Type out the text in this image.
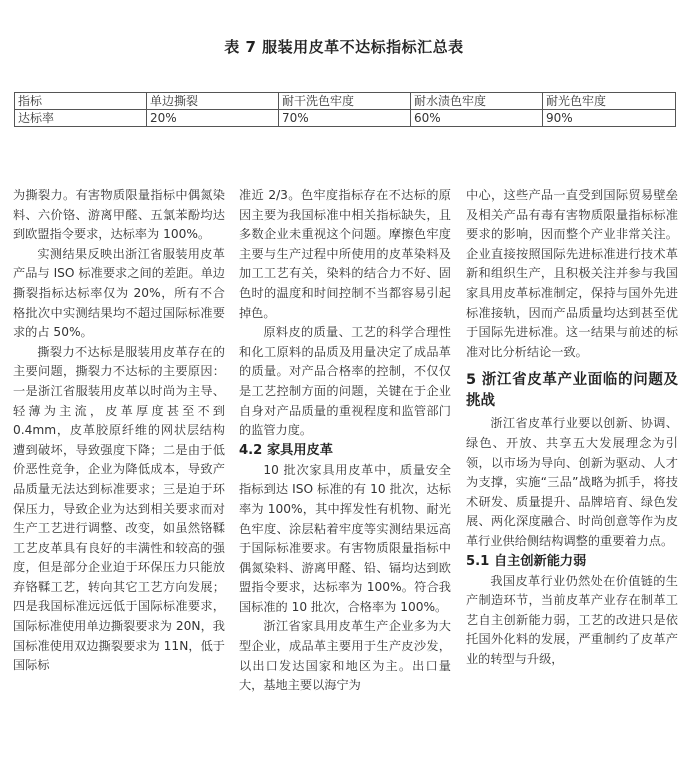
表 7 服装用皮革不达标指标汇总表
指标	单边撕裂	耐干洗色牢度	耐水渍色牢度	耐光色牢度
达标率	20%	70%	60%	90%

为撕裂力。有害物质限量指标中偶氮染料、六价铬、游离甲醛、五氯苯酚均达到欧盟指令要求，达标率为 100%。

实测结果反映出浙江省服装用皮革产品与 ISO 标准要求之间的差距。单边撕裂指标达标率仅为 20%，所有不合格批次中实测结果均不超过国际标准要求的占 50%。

撕裂力不达标是服装用皮革存在的主要问题，撕裂力不达标的主要原因：一是浙江省服装用皮革以时尚为主导、轻薄为主流，皮革厚度甚至不到 0.4mm，皮革胶原纤维的网状层结构遭到破坏，导致强度下降；二是由于低价恶性竞争，企业为降低成本，导致产品质量无法达到标准要求；三是迫于环保压力，导致企业为达到相关要求而对生产工艺进行调整、改变，如虽然铬鞣工艺皮革具有良好的丰满性和较高的强度，但是部分企业迫于环保压力只能放弃铬鞣工艺，转向其它工艺方向发展；四是我国标准远远低于国际标准要求，国际标准使用单边撕裂要求为 20N，我国标准使用双边撕裂要求为 11N，低于国际标

准近 2/3。色牢度指标存在不达标的原因主要为我国标准中相关指标缺失，且多数企业未重视这个问题。摩擦色牢度主要与生产过程中所使用的皮革染料及加工工艺有关，染料的结合力不好、固色时的温度和时间控制不当都容易引起掉色。

原料皮的质量、工艺的科学合理性和化工原料的品质及用量决定了成品革的质量。对产品合格率的控制，不仅仅是工艺控制方面的问题，关键在于企业自身对产品质量的重视程度和监管部门的监管力度。

4.2 家具用皮革

10 批次家具用皮革中，质量安全指标到达 ISO 标准的有 10 批次，达标率为 100%，其中挥发性有机物、耐光色牢度、涂层粘着牢度等实测结果远高于国际标准要求。有害物质限量指标中偶氮染料、游离甲醛、铅、镉均达到欧盟指令要求，达标率为 100%。符合我国标准的 10 批次，合格率为 100%。

浙江省家具用皮革生产企业多为大型企业，成品革主要用于生产皮沙发，以出口发达国家和地区为主。出口量大，基地主要以海宁为

中心，这些产品一直受到国际贸易壁垒及相关产品有毒有害物质限量指标标准要求的影响，因而整个产业非常关注。企业直接按照国际先进标准进行技术革新和组织生产，且积极关注并参与我国家具用皮革标准制定，保持与国外先进标准接轨，因而产品质量均达到甚至优于国际先进标准。这一结果与前述的标准对比分析结论一致。

5 浙江省皮革产业面临的问题及挑战

浙江省皮革行业要以创新、协调、绿色、开放、共享五大发展理念为引领，以市场为导向、创新为驱动、人才为支撑，实施“三品”战略为抓手，将技术研发、质量提升、品牌培育、绿色发展、两化深度融合、时尚创意等作为皮革行业供给侧结构调整的重要着力点。

5.1 自主创新能力弱

我国皮革行业仍然处在价值链的生产制造环节，当前皮革产业存在制革工艺自主创新能力弱，工艺的改进只是依托国外化料的发展，严重制约了皮革产业的转型与升级，
